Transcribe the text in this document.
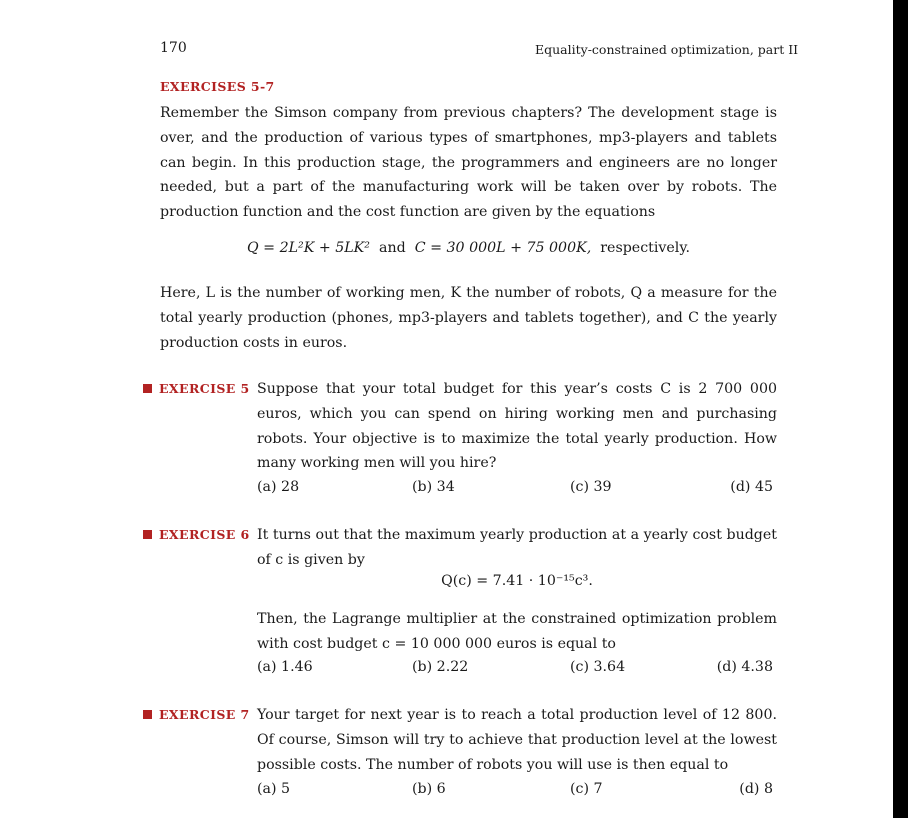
170	Equality-constrained optimization, part II
EXERCISES 5-7
Remember the Simson company from previous chapters? The development stage is over, and the production of various types of smartphones, mp3-players and tablets can begin. In this production stage, the programmers and engineers are no longer needed, but a part of the manufacturing work will be taken over by robots. The production function and the cost function are given by the equations
Q = 2L²K + 5LK² and C = 30 000L + 75 000K, respectively.
Here, L is the number of working men, K the number of robots, Q a measure for the total yearly production (phones, mp3-players and tablets together), and C the yearly production costs in euros.
EXERCISE 5 Suppose that your total budget for this year’s costs C is 2 700 000 euros, which you can spend on hiring working men and purchasing robots. Your objective is to maximize the total yearly production. How many working men will you hire?
(a) 28	(b) 34	(c) 39	(d) 45
EXERCISE 6 It turns out that the maximum yearly production at a yearly cost budget of c is given by
Q(c) = 7.41 · 10⁻¹⁵c³.
Then, the Lagrange multiplier at the constrained optimization problem with cost budget c = 10 000 000 euros is equal to
(a) 1.46	(b) 2.22	(c) 3.64	(d) 4.38
EXERCISE 7 Your target for next year is to reach a total production level of 12 800. Of course, Simson will try to achieve that production level at the lowest possible costs. The number of robots you will use is then equal to
(a) 5	(b) 6	(c) 7	(d) 8
